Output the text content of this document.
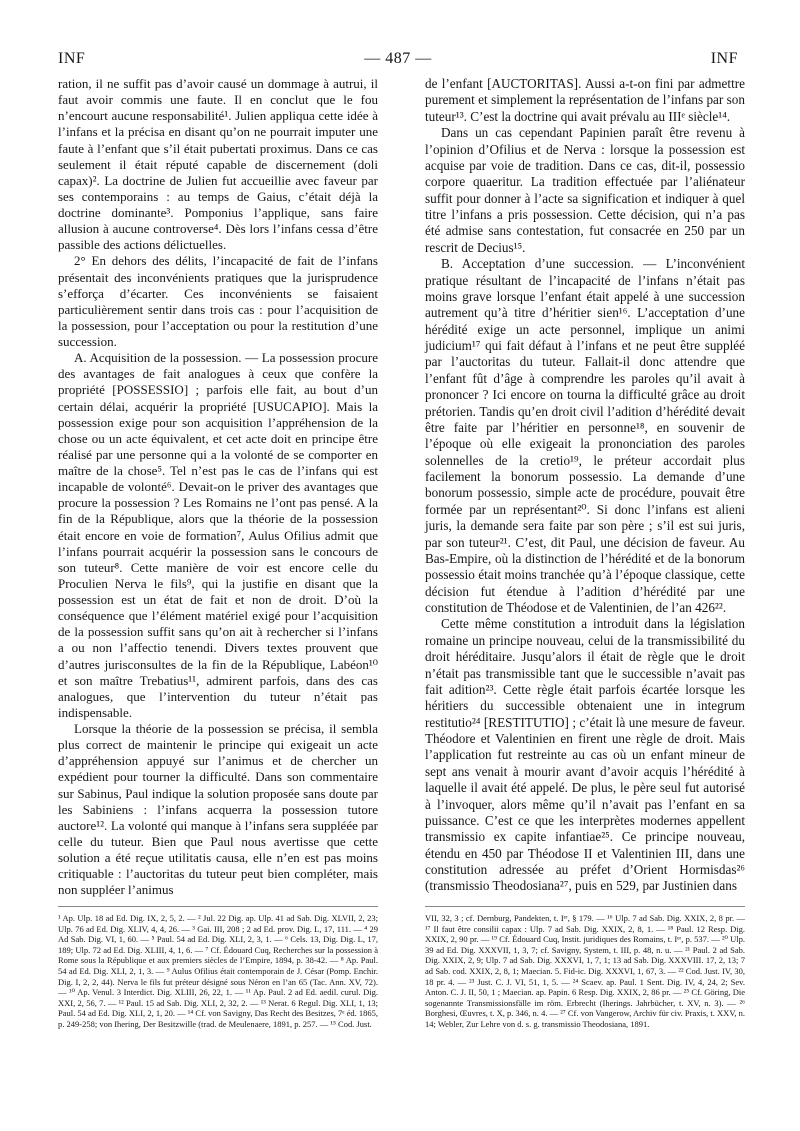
INF	— 487 —	INF

ration, il ne suffit pas d’avoir causé un dommage à autrui, il faut avoir commis une faute. Il en conclut que le fou n’encourt aucune responsabilité¹. Julien appliqua cette idée à l’infans et la précisa en disant qu’on ne pourrait imputer une faute à l’enfant que s’il était pubertati proximus. Dans ce cas seulement il était réputé capable de discernement (doli capax)². La doctrine de Julien fut accueillie avec faveur par ses contemporains : au temps de Gaius, c’était déjà la doctrine dominante³. Pomponius l’applique, sans faire allusion à aucune controverse⁴. Dès lors l’infans cessa d’être passible des actions délictuelles.

2° En dehors des délits, l’incapacité de fait de l’infans présentait des inconvénients pratiques que la jurisprudence s’efforça d’écarter. Ces inconvénients se faisaient particulièrement sentir dans trois cas : pour l’acquisition de la possession, pour l’acceptation ou pour la restitution d’une succession.

A. Acquisition de la possession. — La possession procure des avantages de fait analogues à ceux que confère la propriété [POSSESSIO] ; parfois elle fait, au bout d’un certain délai, acquérir la propriété [USUCAPIO]. Mais la possession exige pour son acquisition l’appréhension de la chose ou un acte équivalent, et cet acte doit en principe être réalisé par une personne qui a la volonté de se comporter en maître de la chose⁵. Tel n’est pas le cas de l’infans qui est incapable de volonté⁶. Devait-on le priver des avantages que procure la possession ? Les Romains ne l’ont pas pensé. A la fin de la République, alors que la théorie de la possession était encore en voie de formation⁷, Aulus Ofilius admit que l’infans pourrait acquérir la possession sans le concours de son tuteur⁸. Cette manière de voir est encore celle du Proculien Nerva le fils⁹, qui la justifie en disant que la possession est un état de fait et non de droit. D’où la conséquence que l’élément matériel exigé pour l’acquisition de la possession suffit sans qu’on ait à rechercher si l’infans a ou non l’affectio tenendi. Divers textes prouvent que d’autres jurisconsultes de la fin de la République, Labéon¹⁰ et son maître Trebatius¹¹, admirent parfois, dans des cas analogues, que l’intervention du tuteur n’était pas indispensable.

Lorsque la théorie de la possession se précisa, il sembla plus correct de maintenir le principe qui exigeait un acte d’appréhension appuyé sur l’animus et de chercher un expédient pour tourner la difficulté. Dans son commentaire sur Sabinus, Paul indique la solution proposée sans doute par les Sabiniens : l’infans acquerra la possession tutore auctore¹². La volonté qui manque à l’infans sera suppléée par celle du tuteur. Bien que Paul nous avertisse que cette solution a été reçue utilitatis causa, elle n’en est pas moins critiquable : l’auctoritas du tuteur peut bien compléter, mais non suppléer l’animus

de l’enfant [AUCTORITAS]. Aussi a-t-on fini par admettre purement et simplement la représentation de l’infans par son tuteur¹³. C’est la doctrine qui avait prévalu au IIIᵉ siècle¹⁴.

Dans un cas cependant Papinien paraît être revenu à l’opinion d’Ofilius et de Nerva : lorsque la possession est acquise par voie de tradition. Dans ce cas, dit-il, possessio corpore quaeritur. La tradition effectuée par l’aliénateur suffit pour donner à l’acte sa signification et indiquer à quel titre l’infans a pris possession. Cette décision, qui n’a pas été admise sans contestation, fut consacrée en 250 par un rescrit de Decius¹⁵.

B. Acceptation d’une succession. — L’inconvénient pratique résultant de l’incapacité de l’infans n’était pas moins grave lorsque l’enfant était appelé à une succession autrement qu’à titre d’héritier sien¹⁶. L’acceptation d’une hérédité exige un acte personnel, implique un animi judicium¹⁷ qui fait défaut à l’infans et ne peut être suppléé par l’auctoritas du tuteur. Fallait-il donc attendre que l’enfant fût d’âge à comprendre les paroles qu’il avait à prononcer ? Ici encore on tourna la difficulté grâce au droit prétorien. Tandis qu’en droit civil l’adition d’hérédité devait être faite par l’héritier en personne¹⁸, en souvenir de l’époque où elle exigeait la prononciation des paroles solennelles de la cretio¹⁹, le préteur accordait plus facilement la bonorum possessio. La demande d’une bonorum possessio, simple acte de procédure, pouvait être formée par un représentant²⁰. Si donc l’infans est alieni juris, la demande sera faite par son père ; s’il est sui juris, par son tuteur²¹. C’est, dit Paul, une décision de faveur. Au Bas-Empire, où la distinction de l’hérédité et de la bonorum possessio était moins tranchée qu’à l’époque classique, cette décision fut étendue à l’adition d’hérédité par une constitution de Théodose et de Valentinien, de l’an 426²².

Cette même constitution a introduit dans la législation romaine un principe nouveau, celui de la transmissibilité du droit héréditaire. Jusqu’alors il était de règle que le droit n’était pas transmissible tant que le successible n’avait pas fait adition²³. Cette règle était parfois écartée lorsque les héritiers du successible obtenaient une in integrum restitutio²⁴ [RESTITUTIO] ; c’était là une mesure de faveur. Théodore et Valentinien en firent une règle de droit. Mais l’application fut restreinte au cas où un enfant mineur de sept ans venait à mourir avant d’avoir acquis l’hérédité à laquelle il avait été appelé. De plus, le père seul fut autorisé à l’invoquer, alors même qu’il n’avait pas l’enfant en sa puissance. C’est ce que les interprètes modernes appellent transmissio ex capite infantiae²⁵. Ce principe nouveau, étendu en 450 par Théodose II et Valentinien III, dans une constitution adressée au préfet d’Orient Hormisdas²⁶ (transmissio Theodosiana²⁷, puis en 529, par Justinien dans

¹ Ap. Ulp. 18 ad Ed. Dig. IX, 2, 5, 2. — ² Jul. 22 Dig. ap. Ulp. 41 ad Sab. Dig. XLVII, 2, 23; Ulp. 76 ad Ed. Dig. XLIV, 4, 4, 26. — ³ Gai. III, 208 ; 2 ad Ed. prov. Dig. L, 17, 111. — ⁴ 29 Ad Sab. Dig. VI, 1, 60. — ⁵ Paul. 54 ad Ed. Dig. XLI, 2, 3, 1. — ⁶ Cels. 13, Dig. Dig. L, 17, 189; Ulp. 72 ad Ed. Dig. XLIII, 4, 1, 6. — ⁷ Cf. Édouard Cuq, Recherches sur la possession à Rome sous la République et aux premiers siècles de l’Empire, 1894, p. 38-42. — ⁸ Ap. Paul. 54 ad Ed. Dig. XLI, 2, 1, 3. — ⁹ Aulus Ofilius était contemporain de J. César (Pomp. Enchir. Dig. I, 2, 2, 44). Nerva le fils fut préteur désigné sous Néron en l’an 65 (Tac. Ann. XV, 72). — ¹⁰ Ap. Venul. 3 Interdict. Dig. XLIII, 26, 22, 1. — ¹¹ Ap. Paul. 2 ad Ed. aedil. curul. Dig. XXI, 2, 56, 7. — ¹² Paul. 15 ad Sab. Dig. XLI, 2, 32, 2. — ¹³ Nerat. 6 Regul. Dig. XLI, 1, 13; Paul. 54 ad Ed. Dig. XLI, 2, 1, 20. — ¹⁴ Cf. von Savigny, Das Recht des Besitzes, 7ᵉ éd. 1865, p. 249-258; von Ihering, Der Besitzwille (trad. de Meulenaere, 1891, p. 257. — ¹⁵ Cod. Just.

VII, 32, 3 ; cf. Dernburg, Pandekten, t. Iᵉʳ, § 179. — ¹⁶ Ulp. 7 ad Sab. Dig. XXIX, 2, 8 pr. — ¹⁷ Il faut être consilii capax : Ulp. 7 ad Sab. Dig. XXIX, 2, 8, 1. — ¹⁸ Paul. 12 Resp. Dig. XXIX, 2, 90 pr. — ¹⁹ Cf. Édouard Cuq, Instit. juridiques des Romains, t. Iᵉʳ, p. 537. — ²⁰ Ulp. 39 ad Ed. Dig. XXXVII, 1, 3, 7; cf. Savigny, System, t. III, p. 48, n. u. — ²¹ Paul. 2 ad Sab. Dig. XXIX, 2, 9; Ulp. 7 ad Sab. Dig. XXXVI, 1, 7, 1; 13 ad Sab. Dig. XXXVIII. 17, 2, 13; 7 ad Sab. cod. XXIX, 2, 8, 1; Maecian. 5. Fid-ic. Dig. XXXVI, 1, 67, 3. — ²² Cod. Just. IV, 30, 18 pr. 4. — ²³ Just. C. J. VI, 51, 1, 5. — ²⁴ Scaev. ap. Paul. 1 Sent. Dig. IV, 4, 24, 2; Sev. Anton. C. J. II, 50, 1 ; Maecian. ap. Papin. 6 Resp. Dig. XXIX, 2, 86 pr. — ²⁵ Cf. Göring, Die sogenannte Transmissionsfälle im röm. Erbrecht (Iherings. Jahrbücher, t. XV, n. 3). — ²⁶ Borghesi, Œuvres, t. X, p. 346, n. 4. — ²⁷ Cf. von Vangerow, Archiv für civ. Praxis, t. XXV, n. 14; Webler, Zur Lehre von d. s. g. transmissio Theodosiana, 1891.
